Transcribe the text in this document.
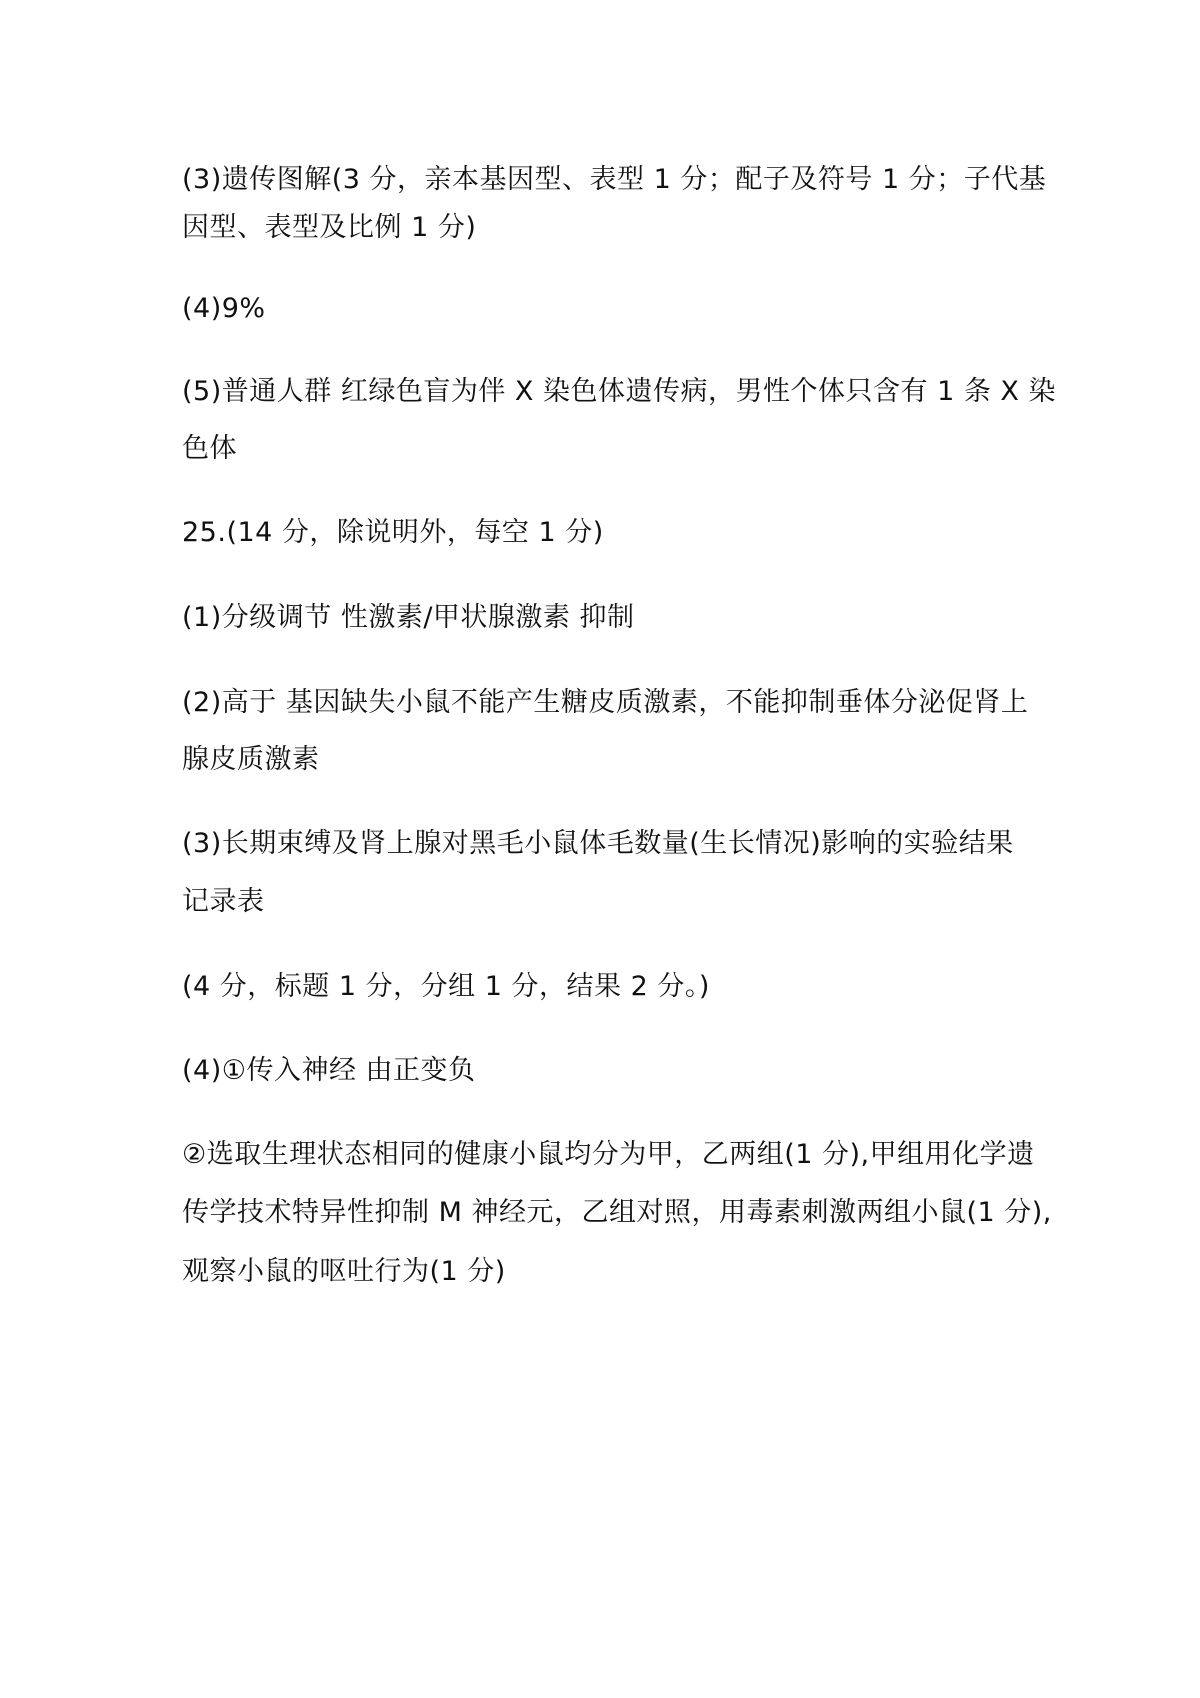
(3)遗传图解(3 分，亲本基因型、表型 1 分；配子及符号 1 分；子代基

因型、表型及比例 1 分)

(4)9%

(5)普通人群 红绿色盲为伴 X 染色体遗传病，男性个体只含有 1 条 X 染

色体

25.(14 分，除说明外，每空 1 分)

(1)分级调节 性激素/甲状腺激素 抑制

(2)高于 基因缺失小鼠不能产生糖皮质激素，不能抑制垂体分泌促肾上

腺皮质激素

(3)长期束缚及肾上腺对黑毛小鼠体毛数量(生长情况)影响的实验结果

记录表

(4 分，标题 1 分，分组 1 分，结果 2 分。)

(4)①传入神经 由正变负

②选取生理状态相同的健康小鼠均分为甲，乙两组(1 分),甲组用化学遗

传学技术特异性抑制 M 神经元，乙组对照，用毒素刺激两组小鼠(1 分),

观察小鼠的呕吐行为(1 分)
